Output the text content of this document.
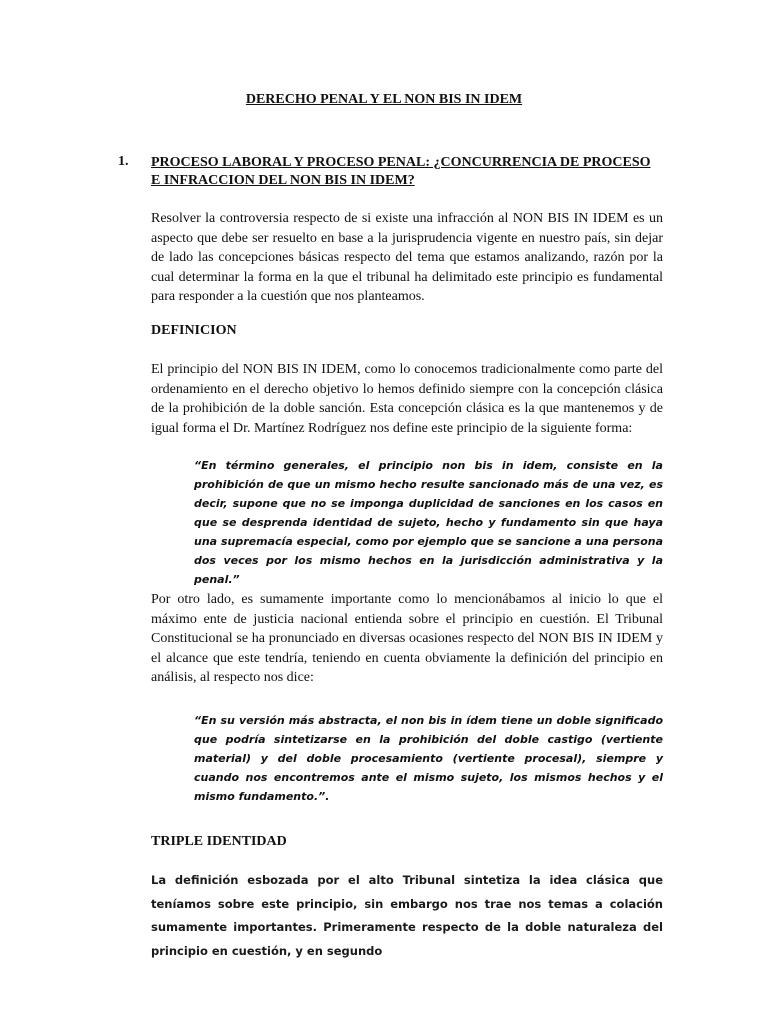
DERECHO PENAL Y EL NON BIS IN IDEM
1. PROCESO LABORAL Y PROCESO PENAL: ¿CONCURRENCIA DE PROCESO E INFRACCION DEL NON BIS IN IDEM?
Resolver la controversia respecto de si existe una infracción al NON BIS IN IDEM es un aspecto que debe ser resuelto en base a la jurisprudencia vigente en nuestro país, sin dejar de lado las concepciones básicas respecto del tema que estamos analizando, razón por la cual determinar la forma en la que el tribunal ha delimitado este principio es fundamental para responder a la cuestión que nos planteamos.
DEFINICION
El principio del NON BIS IN IDEM, como lo conocemos tradicionalmente como parte del ordenamiento en el derecho objetivo lo hemos definido siempre con la concepción clásica de la prohibición de la doble sanción. Esta concepción clásica es la que mantenemos y de igual forma el Dr. Martínez Rodríguez nos define este principio de la siguiente forma:
“En término generales, el principio non bis in idem, consiste en la prohibición de que un mismo hecho resulte sancionado más de una vez, es decir, supone que no se imponga duplicidad de sanciones en los casos en que se desprenda identidad de sujeto, hecho y fundamento sin que haya una supremacía especial, como por ejemplo que se sancione a una persona dos veces por los mismo hechos en la jurisdicción administrativa y la penal.”
Por otro lado, es sumamente importante como lo mencionábamos al inicio lo que el máximo ente de justicia nacional entienda sobre el principio en cuestión. El Tribunal Constitucional se ha pronunciado en diversas ocasiones respecto del NON BIS IN IDEM y el alcance que este tendría, teniendo en cuenta obviamente la definición del principio en análisis, al respecto nos dice:
“En su versión más abstracta, el non bis in ídem tiene un doble significado que podría sintetizarse en la prohibición del doble castigo (vertiente material) y del doble procesamiento (vertiente procesal), siempre y cuando nos encontremos ante el mismo sujeto, los mismos hechos y el mismo fundamento.”.
TRIPLE IDENTIDAD
La definición esbozada por el alto Tribunal sintetiza la idea clásica que teníamos sobre este principio, sin embargo nos trae nos temas a colación sumamente importantes. Primeramente respecto de la doble naturaleza del principio en cuestión, y en segundo
